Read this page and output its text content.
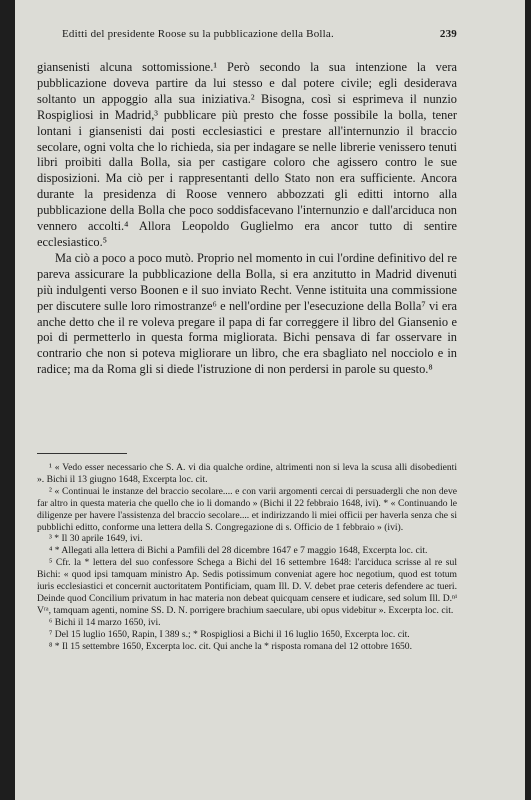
Editti del presidente Roose su la pubblicazione della Bolla.	239

giansenisti alcuna sottomissione.¹ Però secondo la sua intenzione la vera pubblicazione doveva partire da lui stesso e dal potere civile; egli desiderava soltanto un appoggio alla sua iniziativa.² Bisogna, così si esprimeva il nunzio Rospigliosi in Madrid,³ pubblicare più presto che fosse possibile la bolla, tener lontani i giansenisti dai posti ecclesiastici e prestare all'internunzio il braccio secolare, ogni volta che lo richieda, sia per indagare se nelle librerie venissero tenuti libri proibiti dalla Bolla, sia per castigare coloro che agissero contro le sue disposizioni. Ma ciò per i rappresentanti dello Stato non era sufficiente. Ancora durante la presidenza di Roose vennero abbozzati gli editti intorno alla pubblicazione della Bolla che poco soddisfacevano l'internunzio e dall'arciduca non vennero accolti.⁴ Allora Leopoldo Guglielmo era ancor tutto di sentire ecclesiastico.⁵

Ma ciò a poco a poco mutò. Proprio nel momento in cui l'ordine definitivo del re pareva assicurare la pubblicazione della Bolla, si era anzitutto in Madrid divenuti più indulgenti verso Boonen e il suo inviato Recht. Venne istituita una commissione per discutere sulle loro rimostranze⁶ e nell'ordine per l'esecuzione della Bolla⁷ vi era anche detto che il re voleva pregare il papa di far correggere il libro del Giansenio e poi di permetterlo in questa forma migliorata. Bichi pensava di far osservare in contrario che non si poteva migliorare un libro, che era sbagliato nel nocciolo e in radice; ma da Roma gli si diede l'istruzione di non perdersi in parole su questo.⁸

¹ « Vedo esser necessario che S. A. vi dia qualche ordine, altrimenti non si leva la scusa alli disobedienti ». Bichi il 13 giugno 1648, Excerpta loc. cit.

² « Continuai le instanze del braccio secolare.... e con varii argomenti cercai di persuadergli che non deve far altro in questa materia che quello che io li domando » (Bichi il 22 febbraio 1648, ivi). * « Continuando le diligenze per havere l'assistenza del braccio secolare.... et indirizzando li miei officii per haverla senza che si pubblichi editto, conforme una lettera della S. Congregazione di s. Officio de 1 febbraio » (ivi).

³ * Il 30 aprile 1649, ivi.

⁴ * Allegati alla lettera di Bichi a Pamfili del 28 dicembre 1647 e 7 maggio 1648, Excerpta loc. cit.

⁵ Cfr. la * lettera del suo confessore Schega a Bichi del 16 settembre 1648: l'arciduca scrisse al re sul Bichi: « quod ipsi tamquam ministro Ap. Sedis potissimum conveniat agere hoc negotium, quod est totum iuris ecclesiastici et concernit auctoritatem Pontificiam, quam Ill. D. V. debet prae ceteris defendere ac tueri. Deinde quod Concilium privatum in hac materia non debeat quicquam censere et iudicare, sed solum Ill. D.ⁿⁱ Vʳᵃ, tamquam agenti, nomine SS. D. N. porrigere brachium saeculare, ubi opus videbitur ». Excerpta loc. cit.

⁶ Bichi il 14 marzo 1650, ivi.

⁷ Del 15 luglio 1650, Rapin, I 389 s.; * Rospigliosi a Bichi il 16 luglio 1650, Excerpta loc. cit.

⁸ * Il 15 settembre 1650, Excerpta loc. cit. Qui anche la * risposta romana del 12 ottobre 1650.
